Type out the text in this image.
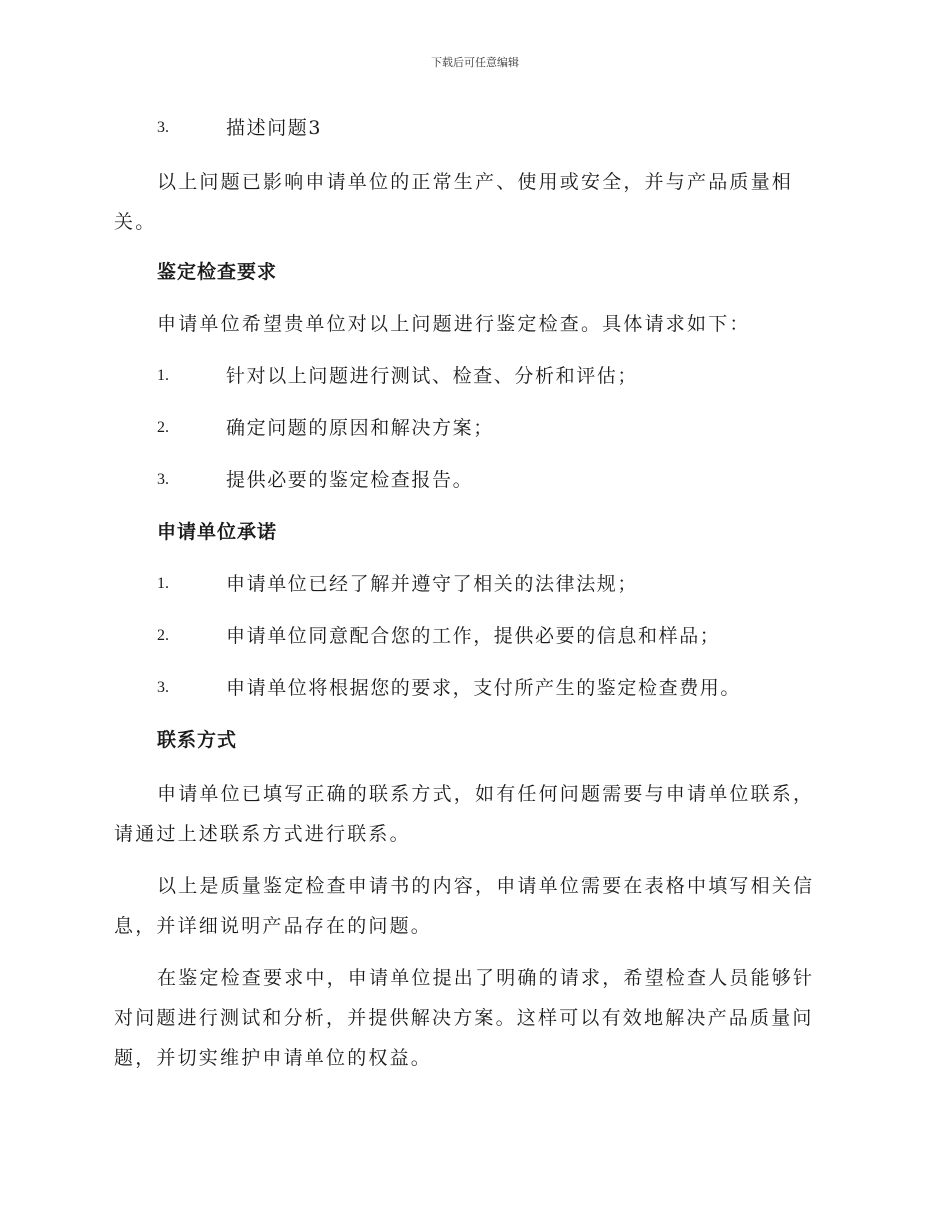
下载后可任意编辑
3.	描述问题3

以上问题已影响申请单位的正常生产、使用或安全，并与产品质量相关。

鉴定检查要求
申请单位希望贵单位对以上问题进行鉴定检查。具体请求如下：
1.	针对以上问题进行测试、检查、分析和评估；
2.	确定问题的原因和解决方案；
3.	提供必要的鉴定检查报告。
申请单位承诺
1.	申请单位已经了解并遵守了相关的法律法规；
2.	申请单位同意配合您的工作，提供必要的信息和样品；
3.	申请单位将根据您的要求，支付所产生的鉴定检查费用。
联系方式

申请单位已填写正确的联系方式，如有任何问题需要与申请单位联系，请通过上述联系方式进行联系。

以上是质量鉴定检查申请书的内容，申请单位需要在表格中填写相关信息，并详细说明产品存在的问题。

在鉴定检查要求中，申请单位提出了明确的请求，希望检查人员能够针对问题进行测试和分析，并提供解决方案。这样可以有效地解决产品质量问题，并切实维护申请单位的权益。
